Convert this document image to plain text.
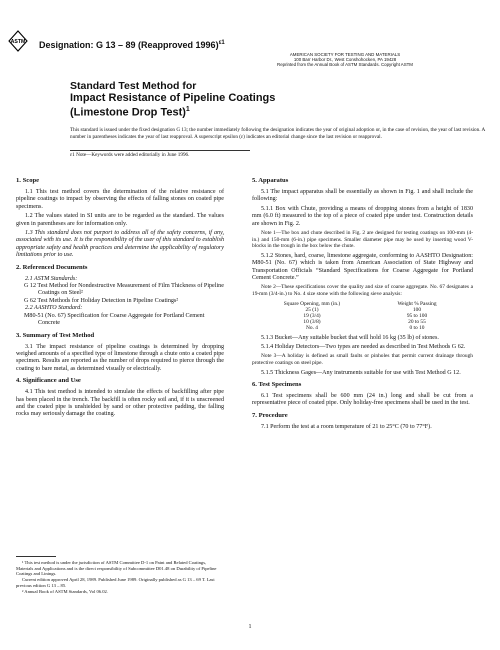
ASTM Designation: G 13 – 89 (Reapproved 1996)$^{\varepsilon 1}$
AMERICAN SOCIETY FOR TESTING AND MATERIALS
100 Barr Harbor Dr., West Conshohocken, PA 19428
Reprinted from the Annual Book of ASTM Standards. Copyright ASTM
Standard Test Method for
Impact Resistance of Pipeline Coatings
(Limestone Drop Test)$^1$
This standard is issued under the fixed designation G 13; the number immediately following the designation indicates the year of original adoption or, in the case of revision, the year of last revision. A number in parentheses indicates the year of last reapproval. A superscript epsilon (ε) indicates an editorial change since the last revision or reapproval.
ε1 Note—Keywords were added editorially in June 1996.
1. Scope

1.1 This test method covers the determination of the relative resistance of pipeline coatings to impact by observing the effects of falling stones on coated pipe specimens.

1.2 The values stated in SI units are to be regarded as the standard. The values given in parentheses are for information only.

1.3 This standard does not purport to address all of the safety concerns, if any, associated with its use. It is the responsibility of the user of this standard to establish appropriate safety and health practices and determine the applicability of regulatory limitations prior to use.

2. Referenced Documents
2.1 ASTM Standards:
G 12 Test Method for Nondestructive Measurement of Film Thickness of Pipeline Coatings on Steel²
G 62 Test Methods for Holiday Detection in Pipeline Coatings²
2.2 AASHTO Standard:
M80-51 (No. 67) Specification for Coarse Aggregate for Portland Cement Concrete
3. Summary of Test Method

3.1 The impact resistance of pipeline coatings is determined by dropping weighed amounts of a specified type of limestone through a chute onto a coated pipe specimen. Results are reported as the number of drops required to pierce through the coating to bare metal, as determined visually or electrically.

4. Significance and Use

4.1 This test method is intended to simulate the effects of backfilling after pipe has been placed in the trench. The backfill is often rocky soil and, if it is unscreened and the coated pipe is unshielded by sand or other protective padding, the falling rocks may seriously damage the coating.

5. Apparatus

5.1 The impact apparatus shall be essentially as shown in Fig. 1 and shall include the following:

5.1.1 Box with Chute, providing a means of dropping stones from a height of 1830 mm (6.0 ft) measured to the top of a piece of coated pipe under test. Construction details are shown in Fig. 2.

Note 1—The box and chute described in Fig. 2 are designed for testing coatings on 100-mm (4-in.) and 150-mm (6-in.) pipe specimens. Smaller diameter pipe may be used by inserting wood V-blocks in the trough in the box below the chute.

5.1.2 Stones, hard, coarse, limestone aggregate, conforming to AASHTO Designation: M80-51 (No. 67) which is taken from American Association of State Highway and Transportation Officials “Standard Specifications for Coarse Aggregate for Portland Cement Concrete.”

Note 2—These specifications cover the quality and size of coarse aggregate. No. 67 designates a 19-mm (3/4-in.) to No. 4 size stone with the following sieve analysis:
Square Opening, mm (in.)	Weight % Passing
25 (1)	100
19 (3/4)	95 to 100
10 (3/8)	20 to 55
No. 4	0 to 10

5.1.3 Bucket—Any suitable bucket that will hold 16 kg (35 lb) of stones.

5.1.4 Holiday Detectors—Two types are needed as described in Test Methods G 62.

Note 3—A holiday is defined as small faults or pinholes that permit current drainage through protective coatings on steel pipe.

5.1.5 Thickness Gages—Any instruments suitable for use with Test Method G 12.

6. Test Specimens

6.1 Test specimens shall be 600 mm (24 in.) long and shall be cut from a representative piece of coated pipe. Only holiday-free specimens shall be used in the test.

7. Procedure

7.1 Perform the test at a room temperature of 21 to 25°C (70 to 77°F).

¹ This test method is under the jurisdiction of ASTM Committee D-1 on Paint and Related Coatings, Materials and Applications and is the direct responsibility of Subcommittee D01.48 on Durability of Pipeline Coatings and Linings.
Current edition approved April 28, 1989. Published June 1989. Originally published as G 13 – 69 T. Last previous edition G 13 – 85.
² Annual Book of ASTM Standards, Vol 06.02.
1
